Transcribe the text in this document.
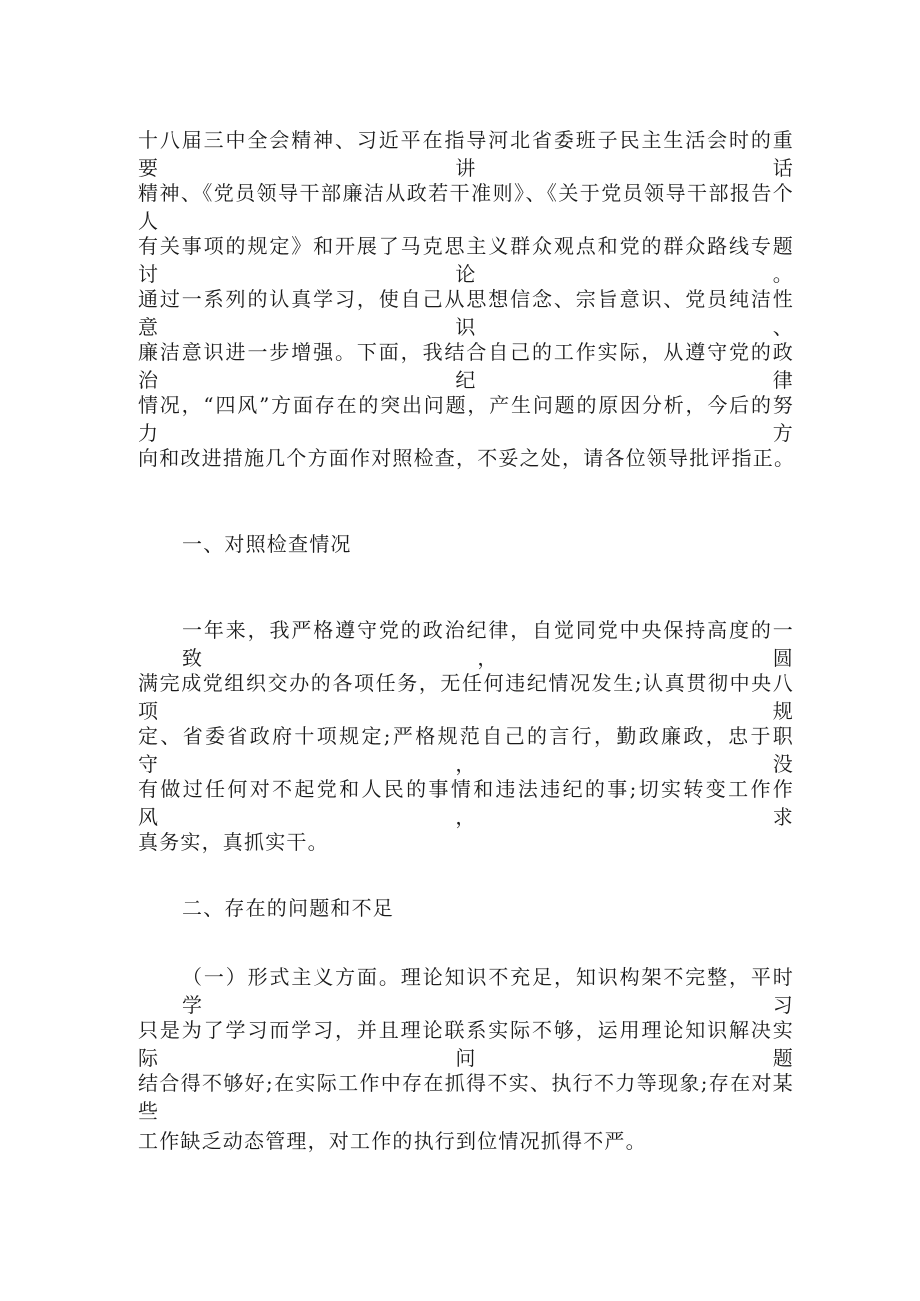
十八届三中全会精神、习近平在指导河北省委班子民主生活会时的重要讲话
精神、《党员领导干部廉洁从政若干准则》、《关于党员领导干部报告个人
有关事项的规定》和开展了马克思主义群众观点和党的群众路线专题讨论。
通过一系列的认真学习，使自己从思想信念、宗旨意识、党员纯洁性意识、
廉洁意识进一步增强。下面，我结合自己的工作实际，从遵守党的政治纪律
情况，“四风”方面存在的突出问题，产生问题的原因分析，今后的努力方
向和改进措施几个方面作对照检查，不妥之处，请各位领导批评指正。
一、对照检查情况
一年来，我严格遵守党的政治纪律，自觉同党中央保持高度的一致，圆
满完成党组织交办的各项任务，无任何违纪情况发生;认真贯彻中央八项规
定、省委省政府十项规定;严格规范自己的言行，勤政廉政，忠于职守，没
有做过任何对不起党和人民的事情和违法违纪的事;切实转变工作作风，求
真务实，真抓实干。
二、存在的问题和不足
（一）形式主义方面。理论知识不充足，知识构架不完整，平时学习
只是为了学习而学习，并且理论联系实际不够，运用理论知识解决实际问题
结合得不够好;在实际工作中存在抓得不实、执行不力等现象;存在对某些
工作缺乏动态管理，对工作的执行到位情况抓得不严。
